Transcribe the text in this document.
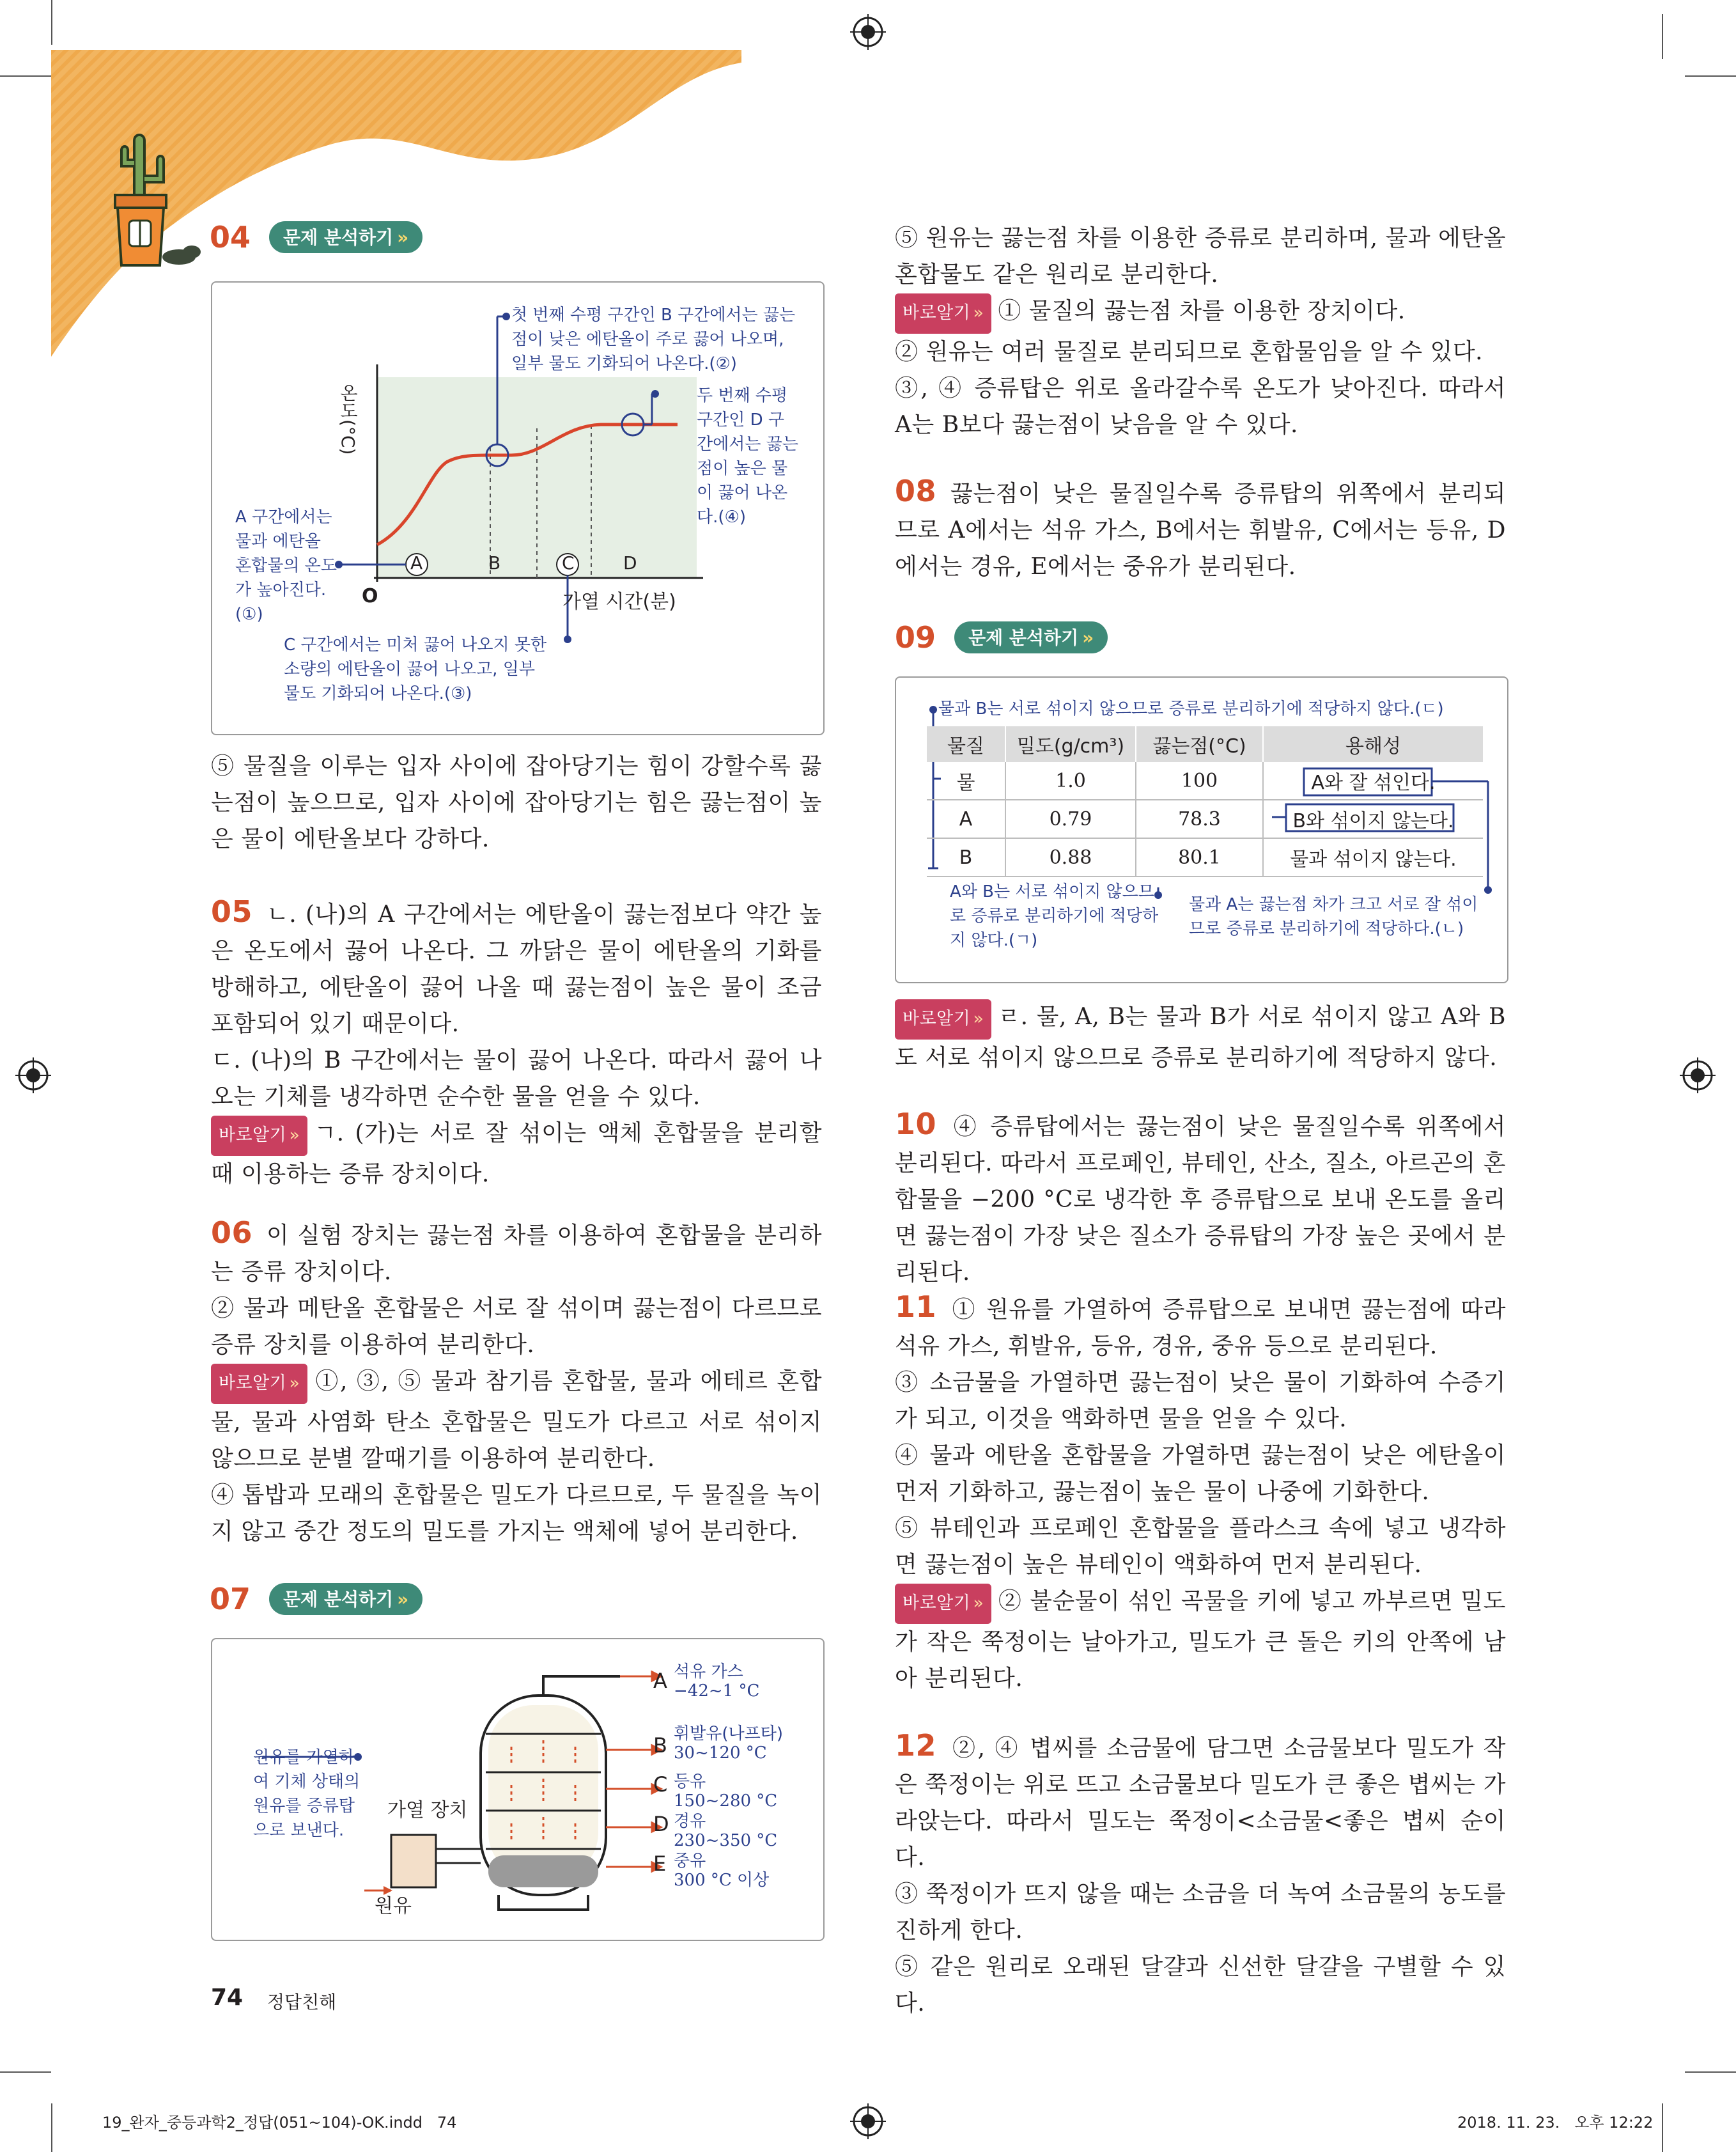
04 문제 분석하기 »
온도(°C)
O	가열 시간(분)
A	B	C	D
첫 번째 수평 구간인 B 구간에서는 끓는점이 낮은 에탄올이 주로 끓어 나오며, 일부 물도 기화되어 나온다.(②)
두 번째 수평 구간인 D 구간에서는 끓는점이 높은 물이 끓어 나온다.(④)
A 구간에서는 물과 에탄올 혼합물의 온도가 높아진다.(①)
C 구간에서는 미처 끓어 나오지 못한 소량의 에탄올이 끓어 나오고, 일부 물도 기화되어 나온다.(③)

⑤ 물질을 이루는 입자 사이에 잡아당기는 힘이 강할수록 끓는점이 높으므로, 입자 사이에 잡아당기는 힘은 끓는점이 높은 물이 에탄올보다 강하다.

05 ㄴ. (나)의 A 구간에서는 에탄올이 끓는점보다 약간 높은 온도에서 끓어 나온다. 그 까닭은 물이 에탄올의 기화를 방해하고, 에탄올이 끓어 나올 때 끓는점이 높은 물이 조금 포함되어 있기 때문이다.

ㄷ. (나)의 B 구간에서는 물이 끓어 나온다. 따라서 끓어 나오는 기체를 냉각하면 순수한 물을 얻을 수 있다.

바로알기 » ㄱ. (가)는 서로 잘 섞이는 액체 혼합물을 분리할 때 이용하는 증류 장치이다.

06 이 실험 장치는 끓는점 차를 이용하여 혼합물을 분리하는 증류 장치이다.

② 물과 메탄올 혼합물은 서로 잘 섞이며 끓는점이 다르므로 증류 장치를 이용하여 분리한다.

바로알기 » ①, ③, ⑤ 물과 참기름 혼합물, 물과 에테르 혼합물, 물과 사염화 탄소 혼합물은 밀도가 다르고 서로 섞이지 않으므로 분별 깔때기를 이용하여 분리한다.

④ 톱밥과 모래의 혼합물은 밀도가 다르므로, 두 물질을 녹이지 않고 중간 정도의 밀도를 가지는 액체에 넣어 분리한다.

07 문제 분석하기 »
원유를 가열하여 기체 상태의 원유를 증류탑으로 보낸다.
가열 장치
원유
A 석유 가스
−42~1 °C
B 휘발유(나프타)
30~120 °C
C 등유
150~280 °C
D 경유
230~350 °C
E 중유
300 °C 이상
74 정답친해
19_완자_중등과학2_정답(051~104)-OK.indd   74	2018. 11. 23.   오후 12:22

⑤ 원유는 끓는점 차를 이용한 증류로 분리하며, 물과 에탄올 혼합물도 같은 원리로 분리한다.

바로알기 » ① 물질의 끓는점 차를 이용한 장치이다.

② 원유는 여러 물질로 분리되므로 혼합물임을 알 수 있다.

③, ④ 증류탑은 위로 올라갈수록 온도가 낮아진다. 따라서 A는 B보다 끓는점이 낮음을 알 수 있다.

08 끓는점이 낮은 물질일수록 증류탑의 위쪽에서 분리되므로 A에서는 석유 가스, B에서는 휘발유, C에서는 등유, D에서는 경유, E에서는 중유가 분리된다.

09 문제 분석하기 »
물과 B는 서로 섞이지 않으므로 증류로 분리하기에 적당하지 않다.(ㄷ)
물질	밀도(g/cm³)	끓는점(°C)	용해성
물	1.0	100	A와 잘 섞인다.
A	0.79	78.3	B와 섞이지 않는다.
B	0.88	80.1	물과 섞이지 않는다.
A와 B는 서로 섞이지 않으므로 증류로 분리하기에 적당하지 않다.(ㄱ)
물과 A는 끓는점 차가 크고 서로 잘 섞이므로 증류로 분리하기에 적당하다.(ㄴ)

바로알기 » ㄹ. 물, A, B는 물과 B가 서로 섞이지 않고 A와 B도 서로 섞이지 않으므로 증류로 분리하기에 적당하지 않다.

10 ④ 증류탑에서는 끓는점이 낮은 물질일수록 위쪽에서 분리된다. 따라서 프로페인, 뷰테인, 산소, 질소, 아르곤의 혼합물을 −200 °C로 냉각한 후 증류탑으로 보내 온도를 올리면 끓는점이 가장 낮은 질소가 증류탑의 가장 높은 곳에서 분리된다.

11 ① 원유를 가열하여 증류탑으로 보내면 끓는점에 따라 석유 가스, 휘발유, 등유, 경유, 중유 등으로 분리된다.

③ 소금물을 가열하면 끓는점이 낮은 물이 기화하여 수증기가 되고, 이것을 액화하면 물을 얻을 수 있다.

④ 물과 에탄올 혼합물을 가열하면 끓는점이 낮은 에탄올이 먼저 기화하고, 끓는점이 높은 물이 나중에 기화한다.

⑤ 뷰테인과 프로페인 혼합물을 플라스크 속에 넣고 냉각하면 끓는점이 높은 뷰테인이 액화하여 먼저 분리된다.

바로알기 » ② 불순물이 섞인 곡물을 키에 넣고 까부르면 밀도가 작은 쭉정이는 날아가고, 밀도가 큰 돌은 키의 안쪽에 남아 분리된다.

12 ②, ④ 볍씨를 소금물에 담그면 소금물보다 밀도가 작은 쭉정이는 위로 뜨고 소금물보다 밀도가 큰 좋은 볍씨는 가라앉는다. 따라서 밀도는 쭉정이<소금물<좋은 볍씨 순이다.

③ 쭉정이가 뜨지 않을 때는 소금을 더 녹여 소금물의 농도를 진하게 한다.

⑤ 같은 원리로 오래된 달걀과 신선한 달걀을 구별할 수 있다.
